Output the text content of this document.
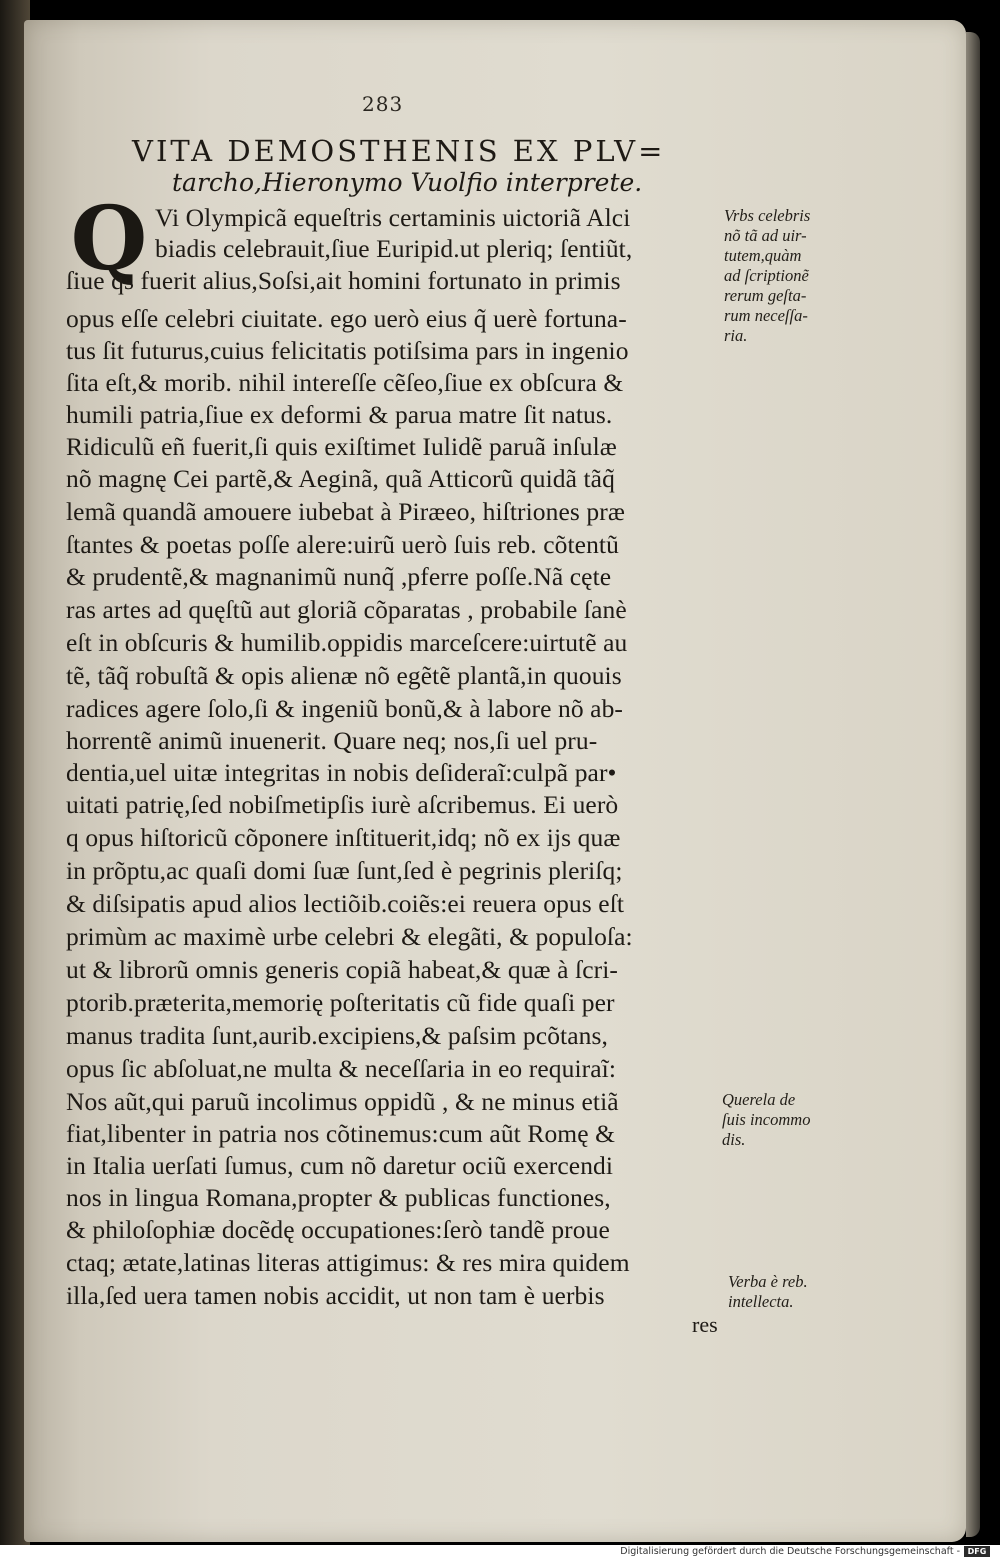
283
VITA DEMOSTHENIS EX PLV=
tarcho,Hieronymo Vuolfio interprete.
Q Vi Olympicã equeſtris certaminis uictoriã Alci
biadis celebrauit,ſiue Euripid.ut pleriq; ſentiũt,
ſiue qs fuerit alius,Soſsi,ait homini fortunato in primis
opus eſſe celebri ciuitate. ego uerò eius q̃ uerè fortuna-
tus ſit futurus,cuius felicitatis potiſsima pars in ingenio
ſita eſt,& morib. nihil intereſſe cẽſeo,ſiue ex obſcura &
humili patria,ſiue ex deformi & parua matre ſit natus.
Ridiculũ eñ fuerit,ſi quis exiſtimet Iulidẽ paruã inſulæ
nõ magnę Cei partẽ,& Aeginã, quã Atticorũ quidã tãq̃
lemã quandã amouere iubebat à Piræeo, hiſtriones præ
ſtantes & poetas poſſe alere:uirũ uerò ſuis reb. cõtentũ
& prudentẽ,& magnanimũ nunq̃ ,pferre poſſe.Nã cęte
ras artes ad quęſtũ aut gloriã cõparatas , probabile ſanè
eſt in obſcuris & humilib.oppidis marceſcere:uirtutẽ au
tẽ, tãq̃ robuſtã & opis alienæ nõ egẽtẽ plantã,in quouis
radices agere ſolo,ſi & ingeniũ bonũ,& à labore nõ ab-
horrentẽ animũ inuenerit. Quare neq; nos,ſi uel pru-
dentia,uel uitæ integritas in nobis deſideraĩ:culpã par•
uitati patrię,ſed nobiſmetipſis iurè aſcribemus. Ei uerò
q opus hiſtoricũ cõponere inſtituerit,idq; nõ ex ijs quæ
in prõptu,ac quaſi domi ſuæ ſunt,ſed è pegrinis pleriſq;
& diſsipatis apud alios lectiõib.coiẽs:ei reuera opus eſt
primùm ac maximè urbe celebri & elegãti, & populoſa:
ut & librorũ omnis generis copiã habeat,& quæ à ſcri-
ptorib.præterita,memorię poſteritatis cũ fide quaſi per
manus tradita ſunt,aurib.excipiens,& paſsim pcõtans,
opus ſic abſoluat,ne multa & neceſſaria in eo requiraĩ:
Nos aũt,qui paruũ incolimus oppidũ , & ne minus etiã
fiat,libenter in patria nos cõtinemus:cum aũt Romę &
in Italia uerſati ſumus, cum nõ daretur ociũ exercendi
nos in lingua Romana,propter & publicas functiones,
& philoſophiæ docẽdę occupationes:ſerò tandẽ proue
ctaq; ætate,latinas literas attigimus: & res mira quidem
illa,ſed uera tamen nobis accidit, ut non tam è uerbis
Vrbs celebris
nõ tã ad uir-
tutem,quàm
ad ſcriptionẽ
rerum geſta-
rum neceſſa-
ria.
Querela de
ſuis incommo
dis.
Verba è reb.
intellecta.
res
Digitalisierung gefördert durch die Deutsche Forschungsgemeinschaft - DFG
